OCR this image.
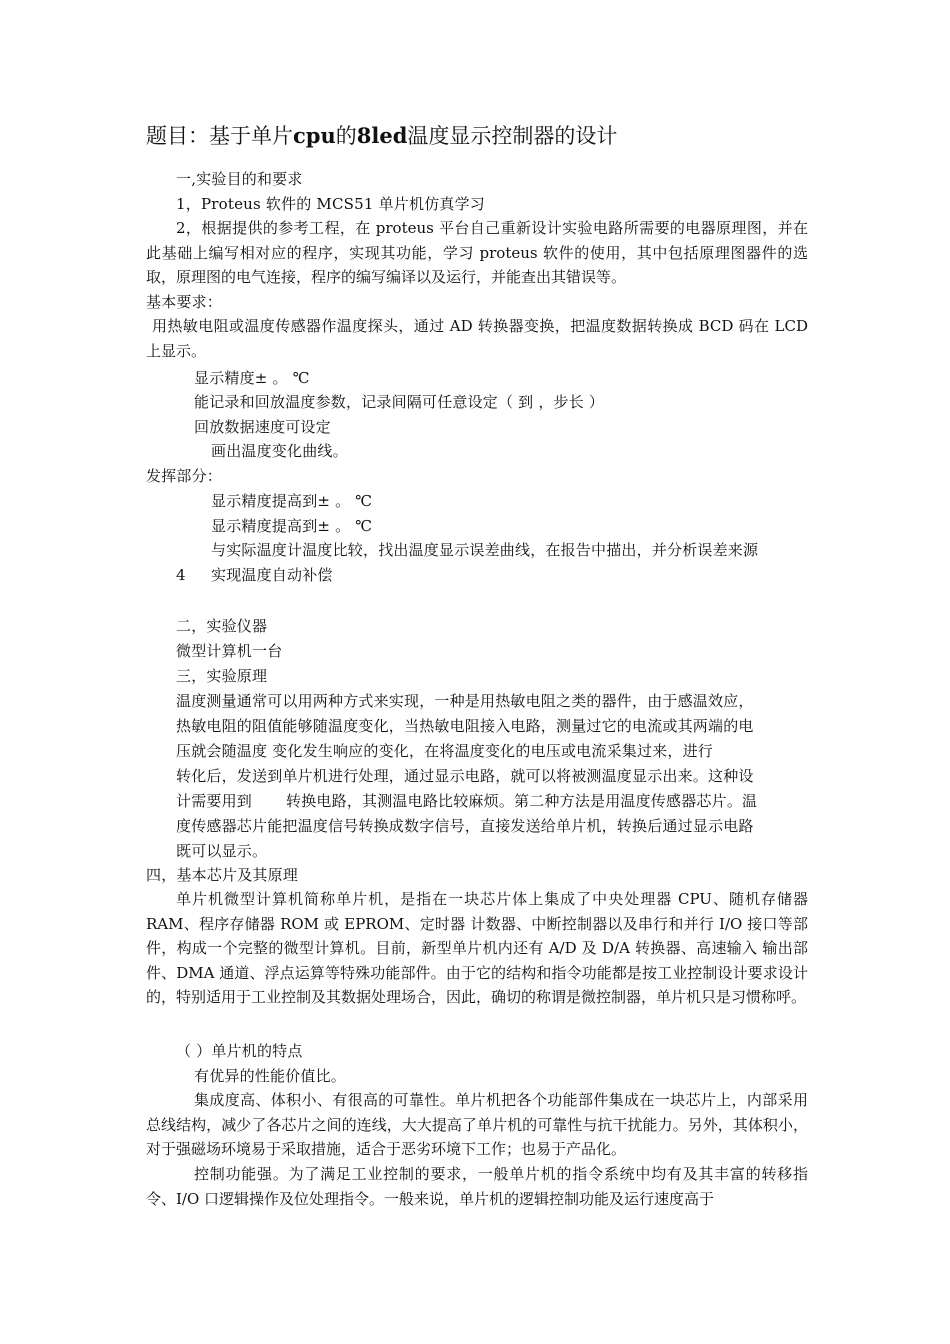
题目：基于单片cpu的8led温度显示控制器的设计
一,实验目的和要求
1，Proteus 软件的 MCS51 单片机仿真学习
2，根据提供的参考工程，在 proteus 平台自己重新设计实验电路所需要的电器原理图，并在此基础上编写相对应的程序，实现其功能，学习 proteus 软件的使用，其中包括原理图器件的选取，原理图的电气连接，程序的编写编译以及运行，并能查出其错误等。
基本要求：
用热敏电阻或温度传感器作温度探头，通过 AD 转换器变换，把温度数据转换成 BCD 码在 LCD 上显示。
显示精度± 。 ℃
能记录和回放温度参数，记录间隔可任意设定（ 到 ，步长 ）
回放数据速度可设定
画出温度变化曲线。
发挥部分：
显示精度提高到± 。 ℃
显示精度提高到± 。 ℃
与实际温度计温度比较，找出温度显示误差曲线，在报告中描出，并分析误差来源
4 实现温度自动补偿
二，实验仪器
微型计算机一台
三，实验原理
温度测量通常可以用两种方式来实现，一种是用热敏电阻之类的器件，由于感温效应，
热敏电阻的阻值能够随温度变化，当热敏电阻接入电路，测量过它的电流或其两端的电
压就会随温度 变化发生响应的变化，在将温度变化的电压或电流采集过来，进行
转化后，发送到单片机进行处理，通过显示电路，就可以将被测温度显示出来。这种设
计需要用到 转换电路，其测温电路比较麻烦。第二种方法是用温度传感器芯片。温
度传感器芯片能把温度信号转换成数字信号，直接发送给单片机，转换后通过显示电路
既可以显示。
四，基本芯片及其原理
单片机微型计算机简称单片机，是指在一块芯片体上集成了中央处理器 CPU、随机存储器 RAM、程序存储器 ROM 或 EPROM、定时器 计数器、中断控制器以及串行和并行 I/O 接口等部件，构成一个完整的微型计算机。目前，新型单片机内还有 A/D 及 D/A 转换器、高速输入 输出部件、DMA 通道、浮点运算等特殊功能部件。由于它的结构和指令功能都是按工业控制设计要求设计的，特别适用于工业控制及其数据处理场合，因此，确切的称谓是微控制器，单片机只是习惯称呼。
（ ）单片机的特点
有优异的性能价值比。
集成度高、体积小、有很高的可靠性。单片机把各个功能部件集成在一块芯片上，内部采用总线结构，减少了各芯片之间的连线，大大提高了单片机的可靠性与抗干扰能力。另外，其体积小，对于强磁场环境易于采取措施，适合于恶劣环境下工作；也易于产品化。
控制功能强。为了满足工业控制的要求，一般单片机的指令系统中均有及其丰富的转移指令、I/O 口逻辑操作及位处理指令。一般来说，单片机的逻辑控制功能及运行速度高于
